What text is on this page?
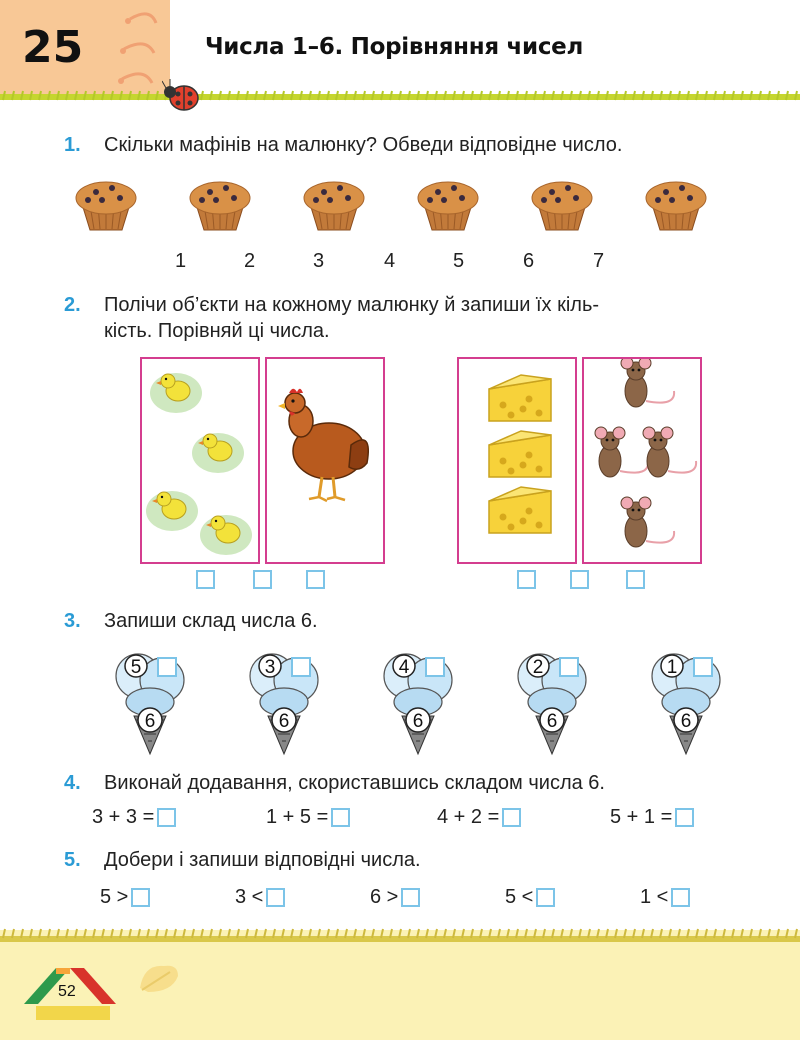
25	Числа 1–6. Порівняння чисел
1. Скільки мафінів на малюнку? Обведи відповідне число.
1	2	3	4	5	6	7
2. Полічи об’єкти на кожному малюнку й запиши їх кіль-
кість. Порівняй ці числа.
3. Запиши склад числа 6.
5
6
3
6
4
6
2
6
1
6
4. Виконай додавання, скориставшись складом числа 6.
3 + 3 =	1 + 5 =	4 + 2 =	5 + 1 =
5. Добери і запиши відповідні числа.
5 >	3 <	6 >	5 <	1 <
52
